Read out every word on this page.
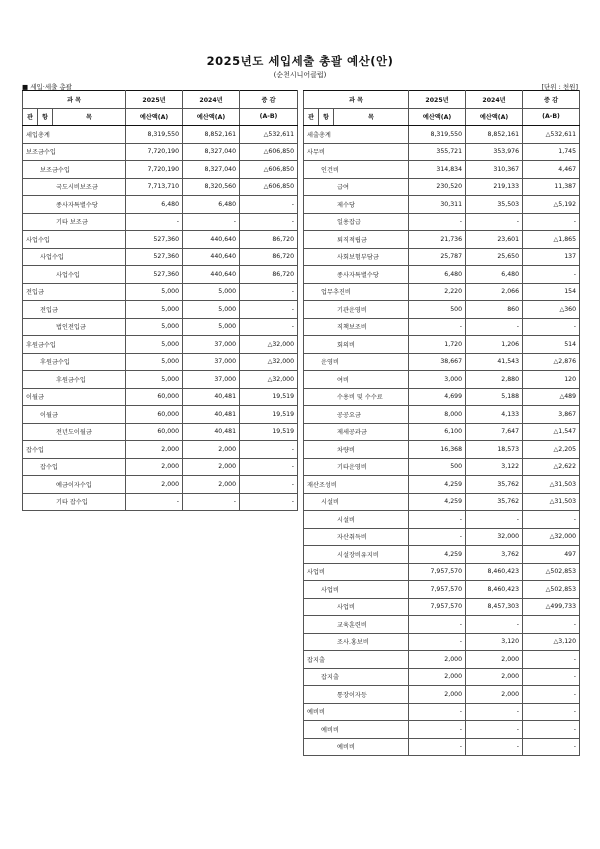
2025년도 세입세출 총괄 예산(안)
(순천시니어클럽)
■ 세입·세출 총괄	[단위 : 천원]
과 목			2025년	2024년	증 감
관	항	목	예산액(A)	예산액(A)	(A-B)

세입총계			8,319,550	8,852,161	△532,611

보조금수입			7,720,190	8,327,040	△606,850

보조금수입			7,720,190	8,327,040	△606,850

국도시비보조금			7,713,710	8,320,560	△606,850

종사자특별수당			6,480	6,480	-

기타 보조금			-	-	-

사업수입			527,360	440,640	86,720

사업수입			527,360	440,640	86,720

사업수입			527,360	440,640	86,720

전입금			5,000	5,000	-

전입금			5,000	5,000	-

법인전입금			5,000	5,000	-

후원금수입			5,000	37,000	△32,000

후원금수입			5,000	37,000	△32,000

후원금수입			5,000	37,000	△32,000

이월금			60,000	40,481	19,519

이월금			60,000	40,481	19,519

전년도이월금			60,000	40,481	19,519

잡수입			2,000	2,000	-

잡수입			2,000	2,000	-

예금이자수입			2,000	2,000	-

기타 잡수입			-	-	-
과 목			2025년	2024년	증 감
관	항	목	예산액(A)	예산액(A)	(A-B)

세출총계			8,319,550	8,852,161	△532,611

사무비			355,721	353,976	1,745

인건비			314,834	310,367	4,467

급여			230,520	219,133	11,387

제수당			30,311	35,503	△5,192

일용잡급			-	-	-

퇴직적립금			21,736	23,601	△1,865

사회보험부담금			25,787	25,650	137

종사자특별수당			6,480	6,480	-

업무추진비			2,220	2,066	154

기관운영비			500	860	△360

직책보조비			-	-	-

회의비			1,720	1,206	514

운영비			38,667	41,543	△2,876

여비			3,000	2,880	120

수용비 및 수수료			4,699	5,188	△489

공공요금			8,000	4,133	3,867

제세공과금			6,100	7,647	△1,547

차량비			16,368	18,573	△2,205

기타운영비			500	3,122	△2,622

재산조성비			4,259	35,762	△31,503

시설비			4,259	35,762	△31,503

시설비			-	-	-

자산취득비			-	32,000	△32,000

시설장비유지비			4,259	3,762	497

사업비			7,957,570	8,460,423	△502,853

사업비			7,957,570	8,460,423	△502,853

사업비			7,957,570	8,457,303	△499,733

교육훈련비			-	-	-

조사.홍보비			-	3,120	△3,120

잡지출			2,000	2,000	-

잡지출			2,000	2,000	-

통장이자등			2,000	2,000	-

예비비			-	-	-

예비비			-	-	-

예비비			-	-	-
